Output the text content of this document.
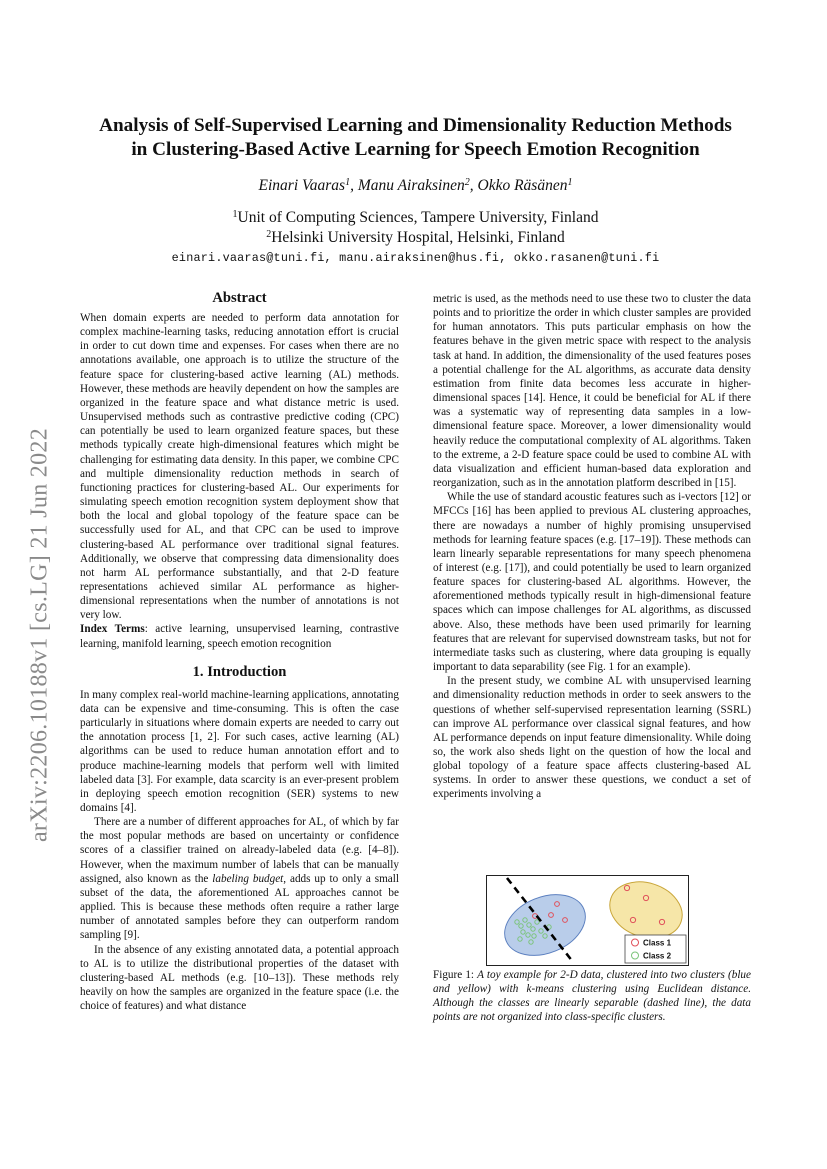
arXiv:2206.10188v1 [cs.LG] 21 Jun 2022
Analysis of Self-Supervised Learning and Dimensionality Reduction Methods
in Clustering-Based Active Learning for Speech Emotion Recognition
Einari Vaaras$^1$, Manu Airaksinen$^2$, Okko Räsänen$^1$
$^1$Unit of Computing Sciences, Tampere University, Finland
$^2$Helsinki University Hospital, Helsinki, Finland
einari.vaaras@tuni.fi, manu.airaksinen@hus.fi, okko.rasanen@tuni.fi
Abstract

When domain experts are needed to perform data annotation for complex machine-learning tasks, reducing annotation effort is crucial in order to cut down time and expenses. For cases when there are no annotations available, one approach is to utilize the structure of the feature space for clustering-based active learning (AL) methods. However, these methods are heavily dependent on how the samples are organized in the feature space and what distance metric is used. Unsupervised methods such as contrastive predictive coding (CPC) can potentially be used to learn organized feature spaces, but these methods typically create high-dimensional features which might be challenging for estimating data density. In this paper, we combine CPC and multiple dimensionality reduction methods in search of functioning practices for clustering-based AL. Our experiments for simulating speech emotion recognition system deployment show that both the local and global topology of the feature space can be successfully used for AL, and that CPC can be used to improve clustering-based AL performance over traditional signal features. Additionally, we observe that compressing data dimensionality does not harm AL performance substantially, and that 2-D feature representations achieved similar AL performance as higher-dimensional representations when the number of annotations is not very low.

Index Terms: active learning, unsupervised learning, contrastive learning, manifold learning, speech emotion recognition

1. Introduction

In many complex real-world machine-learning applications, annotating data can be expensive and time-consuming. This is often the case particularly in situations where domain experts are needed to carry out the annotation process [1, 2]. For such cases, active learning (AL) algorithms can be used to reduce human annotation effort and to produce machine-learning models that perform well with limited labeled data [3]. For example, data scarcity is an ever-present problem in deploying speech emotion recognition (SER) systems to new domains [4].

There are a number of different approaches for AL, of which by far the most popular methods are based on uncertainty or confidence scores of a classifier trained on already-labeled data (e.g. [4–8]). However, when the maximum number of labels that can be manually assigned, also known as the labeling budget, adds up to only a small subset of the data, the aforementioned AL approaches cannot be applied. This is because these methods often require a rather large number of annotated samples before they can outperform random sampling [9].

In the absence of any existing annotated data, a potential approach to AL is to utilize the distributional properties of the dataset with clustering-based AL methods (e.g. [10–13]). These methods rely heavily on how the samples are organized in the feature space (i.e. the choice of features) and what distance

metric is used, as the methods need to use these two to cluster the data points and to prioritize the order in which cluster samples are provided for human annotators. This puts particular emphasis on how the features behave in the given metric space with respect to the analysis task at hand. In addition, the dimensionality of the used features poses a potential challenge for the AL algorithms, as accurate data density estimation from finite data becomes less accurate in higher-dimensional spaces [14]. Hence, it could be beneficial for AL if there was a systematic way of representing data samples in a low-dimensional feature space. Moreover, a lower dimensionality would heavily reduce the computational complexity of AL algorithms. Taken to the extreme, a 2-D feature space could be used to combine AL with data visualization and efficient human-based data exploration and reorganization, such as in the annotation platform described in [15].

While the use of standard acoustic features such as i-vectors [12] or MFCCs [16] has been applied to previous AL clustering approaches, there are nowadays a number of highly promising unsupervised methods for learning feature spaces (e.g. [17–19]). These methods can learn linearly separable representations for many speech phenomena of interest (e.g. [17]), and could potentially be used to learn organized feature spaces for clustering-based AL algorithms. However, the aforementioned methods typically result in high-dimensional feature spaces which can impose challenges for AL algorithms, as discussed above. Also, these methods have been used primarily for learning features that are relevant for supervised downstream tasks, but not for intermediate tasks such as clustering, where data grouping is equally important to data separability (see Fig. 1 for an example).

In the present study, we combine AL with unsupervised learning and dimensionality reduction methods in order to seek answers to the questions of whether self-supervised representation learning (SSRL) can improve AL performance over classical signal features, and how AL performance depends on input feature dimensionality. While doing so, the work also sheds light on the question of how the local and global topology of a feature space affects clustering-based AL systems. In order to answer these questions, we conduct a set of experiments involving a

Class 1
Class 2
Figure 1: A toy example for 2-D data, clustered into two clusters (blue and yellow) with k-means clustering using Euclidean distance. Although the classes are linearly separable (dashed line), the data points are not organized into class-specific clusters.
